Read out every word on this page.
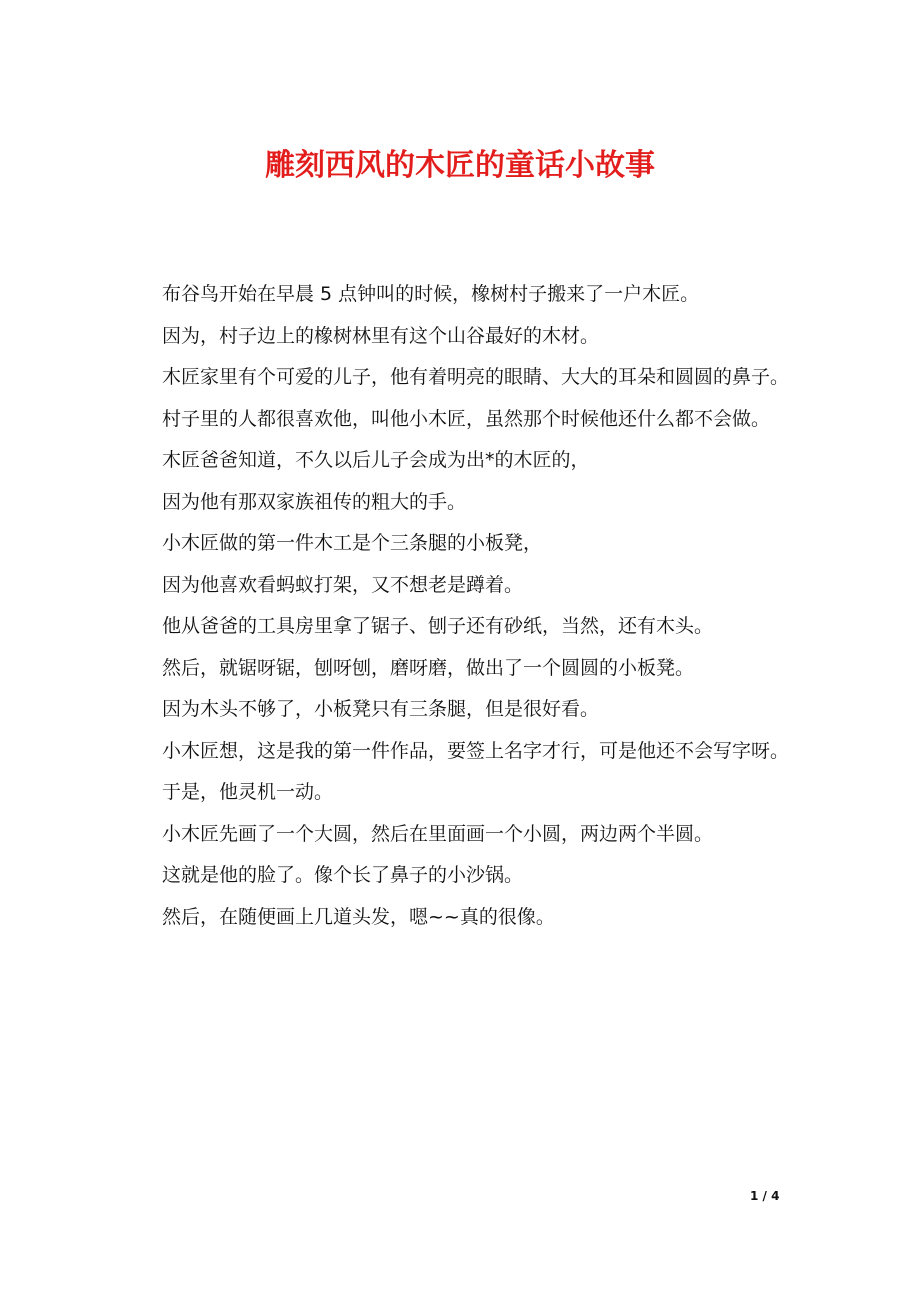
雕刻西风的木匠的童话小故事

布谷鸟开始在早晨 5 点钟叫的时候，橡树村子搬来了一户木匠。

因为，村子边上的橡树林里有这个山谷最好的木材。

木匠家里有个可爱的儿子，他有着明亮的眼睛、大大的耳朵和圆圆的鼻子。

村子里的人都很喜欢他，叫他小木匠，虽然那个时候他还什么都不会做。

木匠爸爸知道，不久以后儿子会成为出*的木匠的，

因为他有那双家族祖传的粗大的手。

小木匠做的第一件木工是个三条腿的小板凳，

因为他喜欢看蚂蚁打架，又不想老是蹲着。

他从爸爸的工具房里拿了锯子、刨子还有砂纸，当然，还有木头。

然后，就锯呀锯，刨呀刨，磨呀磨，做出了一个圆圆的小板凳。

因为木头不够了，小板凳只有三条腿，但是很好看。

小木匠想，这是我的第一件作品，要签上名字才行，可是他还不会写字呀。

于是，他灵机一动。

小木匠先画了一个大圆，然后在里面画一个小圆，两边两个半圆。

这就是他的脸了。像个长了鼻子的小沙锅。

然后，在随便画上几道头发，嗯~~真的很像。

1 / 4
